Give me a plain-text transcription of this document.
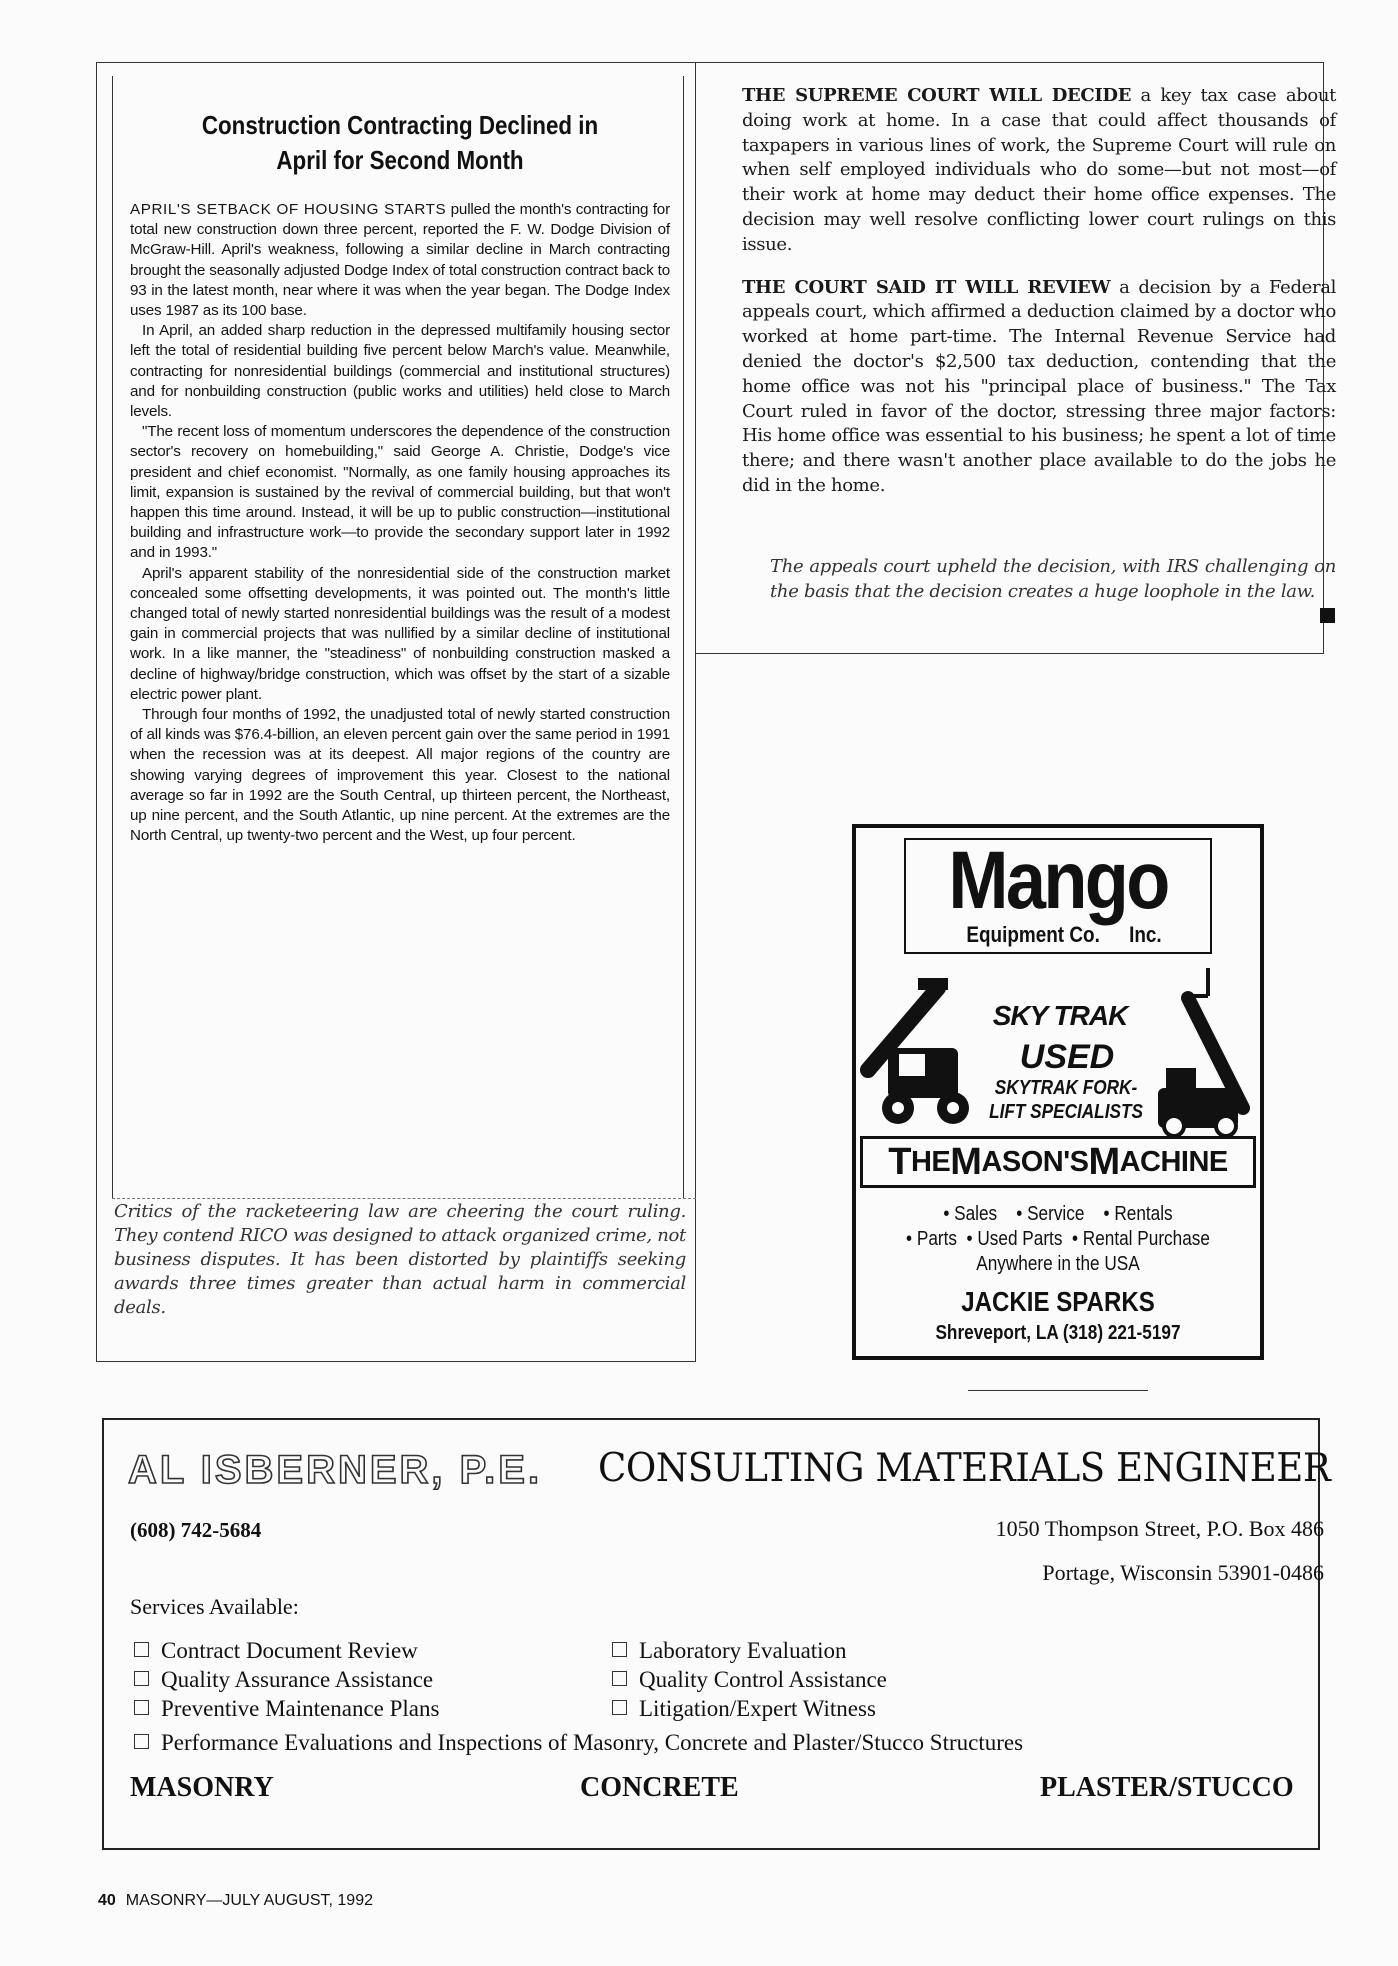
Construction Contracting Declined in
April for Second Month

APRIL'S SETBACK OF HOUSING STARTS pulled the month's contracting for total new construction down three percent, reported the F. W. Dodge Division of McGraw-Hill. April's weakness, following a similar decline in March contracting brought the seasonally adjusted Dodge Index of total construction contract back to 93 in the latest month, near where it was when the year began. The Dodge Index uses 1987 as its 100 base.

In April, an added sharp reduction in the depressed multifamily housing sector left the total of residential building five percent below March's value. Meanwhile, contracting for nonresidential buildings (commercial and institutional structures) and for nonbuilding construction (public works and utilities) held close to March levels.

"The recent loss of momentum underscores the dependence of the construction sector's recovery on homebuilding," said George A. Christie, Dodge's vice president and chief economist. "Normally, as one family housing approaches its limit, expansion is sustained by the revival of commercial building, but that won't happen this time around. Instead, it will be up to public construction—institutional building and infrastructure work—to provide the secondary support later in 1992 and in 1993."

April's apparent stability of the nonresidential side of the construction market concealed some offsetting developments, it was pointed out. The month's little changed total of newly started nonresidential buildings was the result of a modest gain in commercial projects that was nullified by a similar decline of institutional work. In a like manner, the "steadiness" of nonbuilding construction masked a decline of highway/bridge construction, which was offset by the start of a sizable electric power plant.

Through four months of 1992, the unadjusted total of newly started construction of all kinds was $76.4-billion, an eleven percent gain over the same period in 1991 when the recession was at its deepest. All major regions of the country are showing varying degrees of improvement this year. Closest to the national average so far in 1992 are the South Central, up thirteen percent, the Northeast, up nine percent, and the South Atlantic, up nine percent. At the extremes are the North Central, up twenty-two percent and the West, up four percent.

Critics of the racketeering law are cheering the court ruling. They contend RICO was designed to attack organized crime, not business disputes. It has been distorted by plaintiffs seeking awards three times greater than actual harm in commercial deals.

THE SUPREME COURT WILL DECIDE a key tax case about doing work at home. In a case that could affect thousands of taxpapers in various lines of work, the Supreme Court will rule on when self employed individuals who do some—but not most—of their work at home may deduct their home office expenses. The decision may well resolve conflicting lower court rulings on this issue.

THE COURT SAID IT WILL REVIEW a decision by a Federal appeals court, which affirmed a deduction claimed by a doctor who worked at home part-time. The Internal Revenue Service had denied the doctor's $2,500 tax deduction, contending that the home office was not his "principal place of business." The Tax Court ruled in favor of the doctor, stressing three major factors: His home office was essential to his business; he spent a lot of time there; and there wasn't another place available to do the jobs he did in the home.

The appeals court upheld the decision, with IRS challenging on the basis that the decision creates a huge loophole in the law.
Mango
Equipment Co. Inc.
SKY TRAK
USED
SKYTRAK FORK-
LIFT SPECIALISTS
T HE M ASON'S M ACHINE
• Sales    • Service    • Rentals
• Parts  • Used Parts  • Rental Purchase
Anywhere in the USA
JACKIE SPARKS
Shreveport, LA (318) 221-5197
AL ISBERNER, P.E. CONSULTING MATERIALS ENGINEER
(608) 742-5684	1050 Thompson Street, P.O. Box 486
Portage, Wisconsin 53901-0486
Services Available:
Contract Document Review
Quality Assurance Assistance
Preventive Maintenance Plans
Laboratory Evaluation
Quality Control Assistance
Litigation/Expert Witness
Performance Evaluations and Inspections of Masonry, Concrete and Plaster/Stucco Structures
MASONRY	CONCRETE	PLASTER/STUCCO
40 MASONRY—JULY AUGUST, 1992
